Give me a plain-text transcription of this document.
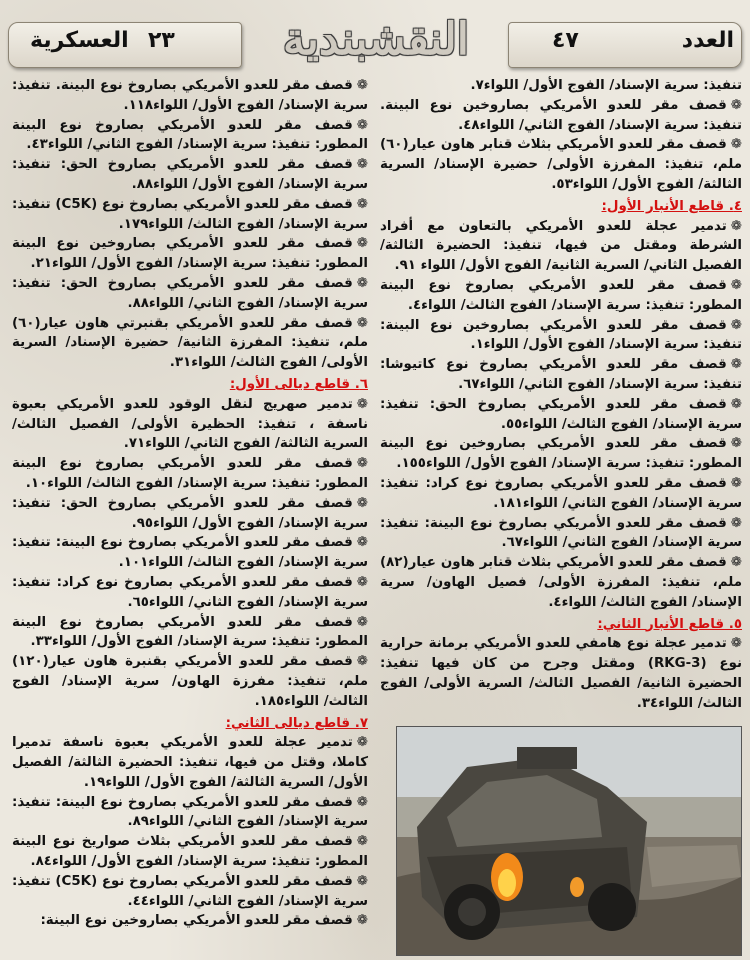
العدد
٤٧
٢٣
العسكرية	النقشبندية

تنفيذ: سرية الإسناد/ الفوج الأول/ اللواء٧.

❁قصف مقر للعدو الأمريكي بصاروخين نوع البينة. تنفيذ: سرية الإسناد/ الفوج الثاني/ اللواء٤٨.

❁قصف مقر للعدو الأمريكي بثلاث قنابر هاون عيار(٦٠) ملم، تنفيذ: المفرزة الأولى/ حضيرة الإسناد/ السرية الثالثة/ الفوج الأول/ اللواء٥٣.

٤. قاطع الأنبار الأول:

❁تدمير عجلة للعدو الأمريكي بالتعاون مع أفراد الشرطة ومقتل من فيها، تنفيذ: الحضيرة الثالثة/ الفصيل الثاني/ السرية الثانية/ الفوج الأول/ اللواء ٩١.

❁قصف مقر للعدو الأمريكي بصاروخ نوع البينة المطور: تنفيذ: سرية الإسناد/ الفوج الثالث/ اللواء٤.

❁قصف مقر للعدو الأمريكي بصاروخين نوع البينة: تنفيذ: سرية الإسناد/ الفوج الأول/ اللواء١.

❁قصف مقر للعدو الأمريكي بصاروخ نوع كاتيوشا: تنفيذ: سرية الإسناد/ الفوج الثاني/ اللواء٦٧.

❁قصف مقر للعدو الأمريكي بصاروخ الحق: تنفيذ: سرية الإسناد/ الفوج الثالث/ اللواء٥٥.

❁قصف مقر للعدو الأمريكي بصاروخين نوع البينة المطور: تنفيذ: سرية الإسناد/ الفوج الأول/ اللواء١٥٥.

❁قصف مقر للعدو الأمريكي بصاروخ نوع كراد: تنفيذ: سرية الإسناد/ الفوج الثاني/ اللواء١٨١.

❁قصف مقر للعدو الأمريكي بصاروخ نوع البينة: تنفيذ: سرية الإسناد/ الفوج الثاني/ اللواء٦٧.

❁قصف مقر للعدو الأمريكي بثلاث قنابر هاون عيار(٨٢) ملم، تنفيذ: المفرزة الأولى/ فصيل الهاون/ سرية الإسناد/ الفوج الثالث/ اللواء٤.

٥. قاطع الأنبار الثاني:

❁تدمير عجلة نوع هامفي للعدو الأمريكي برمانة حرارية نوع (RKG-3) ومقتل وجرح من كان فيها تنفيذ: الحضيرة الثانية/ الفصيل الثالث/ السرية الأولى/ الفوج الثالث/ اللواء٣٤.

❁قصف مقر للعدو الأمريكي بصاروخ نوع البينة. تنفيذ: سرية الإسناد/ الفوج الأول/ اللواء١١٨.

❁قصف مقر للعدو الأمريكي بصاروخ نوع البينة المطور: تنفيذ: سرية الإسناد/ الفوج الثاني/ اللواء٤٣.

❁قصف مقر للعدو الأمريكي بصاروخ الحق: تنفيذ: سرية الإسناد/ الفوج الأول/ اللواء٨٨.

❁قصف مقر للعدو الأمريكي بصاروخ نوع (C5K) تنفيذ: سرية الإسناد/ الفوج الثالث/ اللواء١٧٩.

❁قصف مقر للعدو الأمريكي بصاروخين نوع البينة المطور: تنفيذ: سرية الإسناد/ الفوج الأول/ اللواء٢١.

❁قصف مقر للعدو الأمريكي بصاروخ الحق: تنفيذ: سرية الإسناد/ الفوج الثاني/ اللواء٨٨.

❁قصف مقر للعدو الأمريكي بقنبرتي هاون عيار(٦٠) ملم، تنفيذ: المفرزة الثانية/ حضيرة الإسناد/ السرية الأولى/ الفوج الثالث/ اللواء٣١.

٦. قاطع ديالى الأول:

❁تدمير صهريج لنقل الوقود للعدو الأمريكي بعبوة ناسفة ، تنفيذ: الحظيرة الأولى/ الفصيل الثالث/ السرية الثالثة/ الفوج الثاني/ اللواء٧١.

❁قصف مقر للعدو الأمريكي بصاروخ نوع البينة المطور: تنفيذ: سرية الإسناد/ الفوج الثالث/ اللواء١٠.

❁قصف مقر للعدو الأمريكي بصاروخ الحق: تنفيذ: سرية الإسناد/ الفوج الأول/ اللواء٩٥.

❁قصف مقر للعدو الأمريكي بصاروخ نوع البينة: تنفيذ: سرية الإسناد/ الفوج الثالث/ اللواء١٠١.

❁قصف مقر للعدو الأمريكي بصاروخ نوع كراد: تنفيذ: سرية الإسناد/ الفوج الثاني/ اللواء٦٥.

❁قصف مقر للعدو الأمريكي بصاروخ نوع البينة المطور: تنفيذ: سرية الإسناد/ الفوج الأول/ اللواء٣٣.

❁قصف مقر للعدو الأمريكي بقنبرة هاون عيار(١٢٠) ملم، تنفيذ: مفرزة الهاون/ سرية الإسناد/ الفوج الثالث/ اللواء١٨٥.

٧. قاطع ديالى الثاني:

❁تدمير عجلة للعدو الأمريكي بعبوة ناسفة تدميرا كاملا، وقتل من فيها، تنفيذ: الحضيرة الثالثة/ الفصيل الأول/ السرية الثالثة/ الفوج الأول/ اللواء١٩.

❁قصف مقر للعدو الأمريكي بصاروخ نوع البينة: تنفيذ: سرية الإسناد/ الفوج الثاني/ اللواء٨٩.

❁قصف مقر للعدو الأمريكي بثلاث صواريخ نوع البينة المطور: تنفيذ: سرية الإسناد/ الفوج الأول/ اللواء٨٤.

❁قصف مقر للعدو الأمريكي بصاروخ نوع (C5K) تنفيذ: سرية الإسناد/ الفوج الثاني/ اللواء٤٤.

❁قصف مقر للعدو الأمريكي بصاروخين نوع البينة:
